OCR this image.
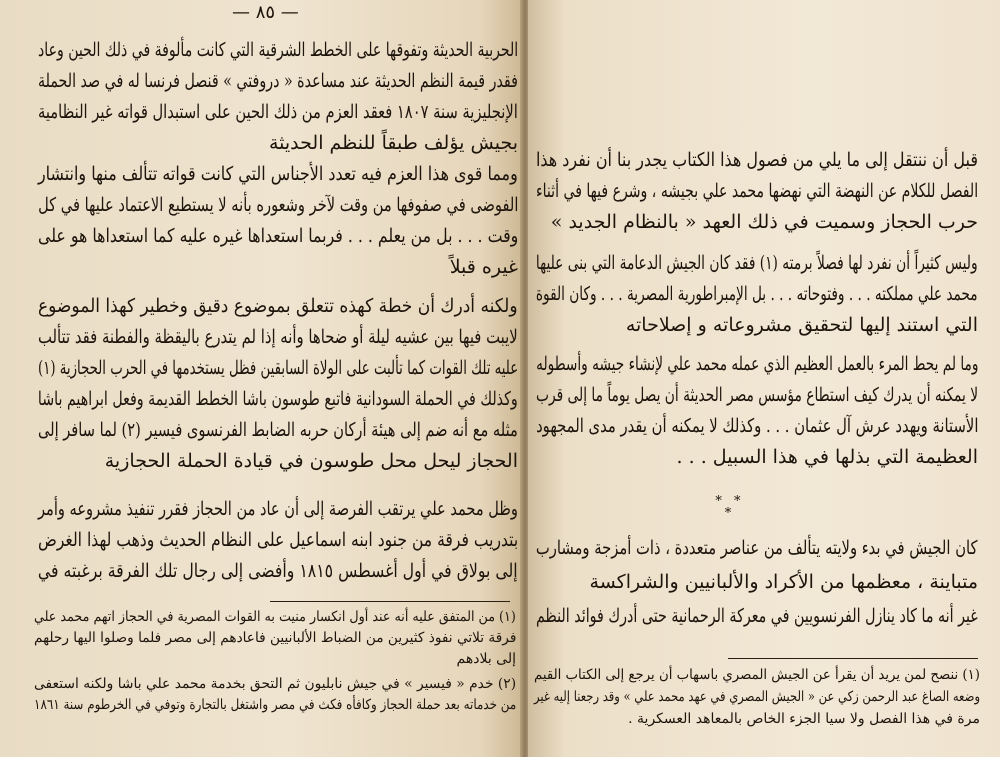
— ٨٥ —
الحربية الحديثة وتفوقها على الخطط الشرقية التي كانت مألوفة في ذلك الحين وعاد
فقدر قيمة النظم الحديثة عند مساعدة « دروفتي » قنصل فرنسا له في صد الحملة
الإنجليزية سنة ١٨٠٧ فعقد العزم من ذلك الحين على استبدال قواته غير النظامية
بجيش يؤلف طبقاً للنظم الحديثة
ومما قوى هذا العزم فيه تعدد الأجناس التي كانت قواته تتألف منها وانتشار
الفوضى في صفوفها من وقت لآخر وشعوره بأنه لا يستطيع الاعتماد عليها في كل
وقت . . . بل من يعلم . . . فربما استعداها غيره عليه كما استعداها هو على
غيره قبلاً
ولكنه أدرك أن خطة كهذه تتعلق بموضوع دقيق وخطير كهذا الموضوع
لايبت فيها بين عشيه ليلة أو ضحاها وأنه إذا لم يتدرع باليقظة والفطنة فقد تتألب
عليه تلك القوات كما تألبت على الولاة السابقين فظل يستخدمها في الحرب الحجازية (١)
وكذلك في الحملة السودانية فاتبع طوسون باشا الخطط القديمة وفعل ابراهيم باشا
مثله مع أنه ضم إلى هيئة أركان حربه الضابط الفرنسوى فيسير (٢) لما سافر إلى
الحجاز ليحل محل طوسون في قيادة الحملة الحجازية
وظل محمد علي يرتقب الفرصة إلى أن عاد من الحجاز فقرر تنفيذ مشروعه وأمر
بتدريب فرقة من جنود ابنه اسماعيل على النظام الحديث وذهب لهذا الغرض
إلى بولاق في أول أغسطس ١٨١٥ وأفضى إلى رجال تلك الفرقة برغبته في
(١) من المتفق عليه أنه عند أول انكسار منيت به القوات المصرية في الحجاز اتهم محمد علي
فرقة تلاتي نفوذ كثيرين من الضباط الألبانيين فاعادهم إلى مصر فلما وصلوا اليها رحلهم
إلى بلادهم
(٢) خدم « فيسير » في جيش نابليون ثم التحق بخدمة محمد علي باشا ولكنه استعفى
من خدماته بعد حملة الحجاز وكافأه فكث في مصر واشتغل بالتجارة وتوفي في الخرطوم سنة ١٨٦١
قبل أن ننتقل إلى ما يلي من فصول هذا الكتاب يجدر بنا أن نفرد هذا
الفصل للكلام عن النهضة التي نهضها محمد علي بجيشه ، وشرع فيها في أثناء
حرب الحجاز وسميت في ذلك العهد « بالنظام الجديد »
وليس كثيراً أن نفرد لها فصلاً برمته (١) فقد كان الجيش الدعامة التي بنى عليها
محمد علي مملكته . . . وفتوحاته . . . بل الإمبراطورية المصرية . . . وكان القوة
التي استند إليها لتحقيق مشروعاته و إصلاحاته
وما لم يحط المرء بالعمل العظيم الذي عمله محمد علي لإنشاء جيشه وأسطوله
لا يمكنه أن يدرك كيف استطاع مؤسس مصر الحديثة أن يصل يوماً ما إلى قرب
الأستانة ويهدد عرش آل عثمان . . . وكذلك لا يمكنه أن يقدر مدى المجهود
العظيمة التي بذلها في هذا السبيل . . .
كان الجيش في بدء ولايته يتألف من عناصر متعددة ، ذات أمزجة ومشارب
متباينة ، معظمها من الأكراد والألبانيين والشراكسة
غير أنه ما كاد ينازل الفرنسويين في معركة الرحمانية حتى أدرك فوائد النظم
(١) ننصح لمن يريد أن يقرأ عن الجيش المصري باسهاب أن يرجع إلى الكتاب القيم
وضعه الصاغ عبد الرحمن زكي عن « الجيش المصري في عهد محمد علي » وقد رجعنا إليه غير
مرة في هذا الفصل ولا سيا الجزء الخاص بالمعاهد العسكرية .
* * *
